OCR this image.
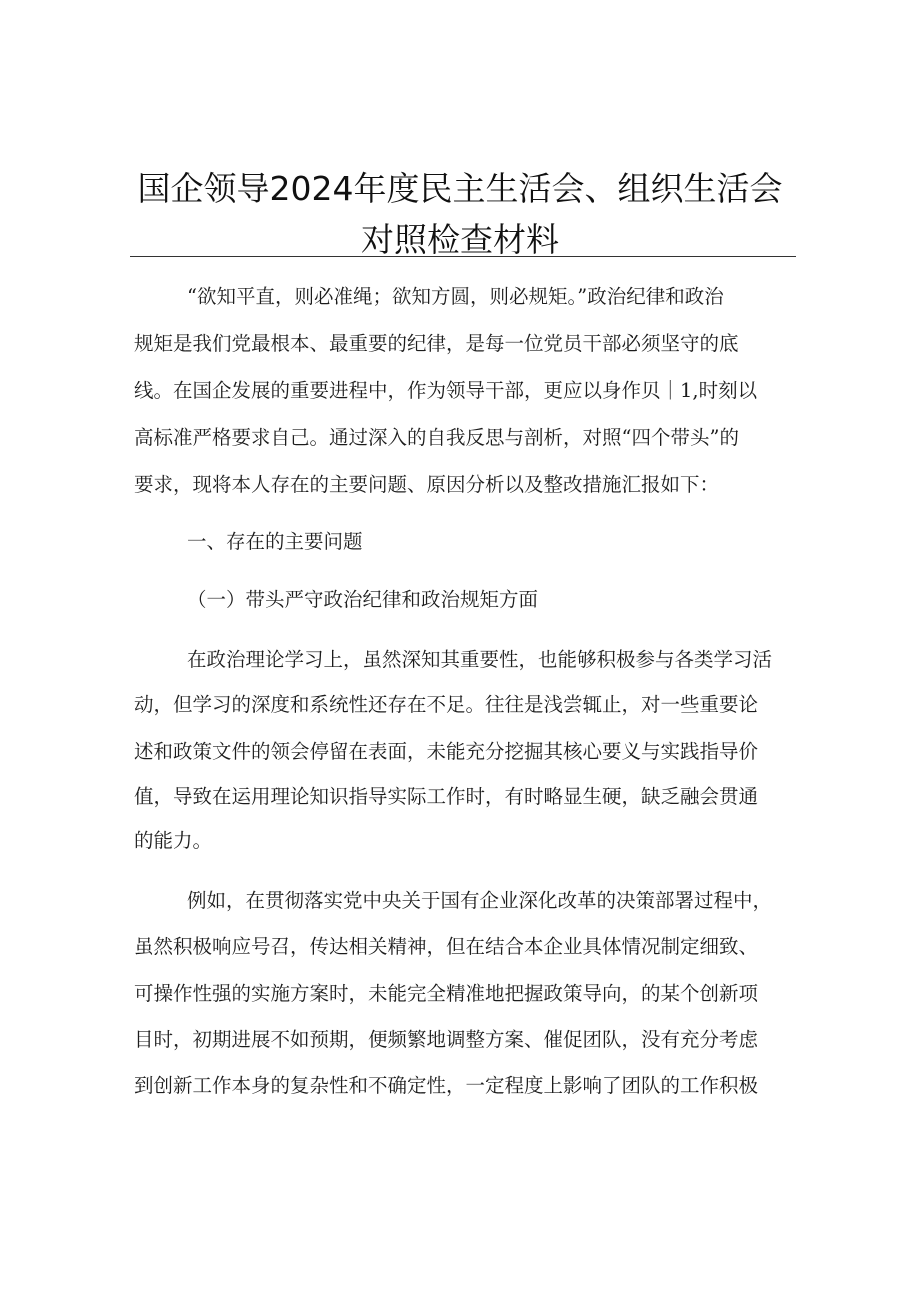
国企领导2024年度民主生活会、组织生活会
对照检查材料
“欲知平直，则必准绳；欲知方圆，则必规矩。”政治纪律和政治
规矩是我们党最根本、最重要的纪律，是每一位党员干部必须坚守的底
线。在国企发展的重要进程中，作为领导干部，更应以身作贝｜1,时刻以
高标准严格要求自己。通过深入的自我反思与剖析，对照“四个带头”的
要求，现将本人存在的主要问题、原因分析以及整改措施汇报如下：
一、存在的主要问题
（一）带头严守政治纪律和政治规矩方面
在政治理论学习上，虽然深知其重要性，也能够积极参与各类学习活
动，但学习的深度和系统性还存在不足。往往是浅尝辄止，对一些重要论
述和政策文件的领会停留在表面，未能充分挖掘其核心要义与实践指导价
值，导致在运用理论知识指导实际工作时，有时略显生硬，缺乏融会贯通
的能力。
例如，在贯彻落实党中央关于国有企业深化改革的决策部署过程中，
虽然积极响应号召，传达相关精神，但在结合本企业具体情况制定细致、
可操作性强的实施方案时，未能完全精准地把握政策导向，的某个创新项
目时，初期进展不如预期，便频繁地调整方案、催促团队，没有充分考虑
到创新工作本身的复杂性和不确定性，一定程度上影响了团队的工作积极
